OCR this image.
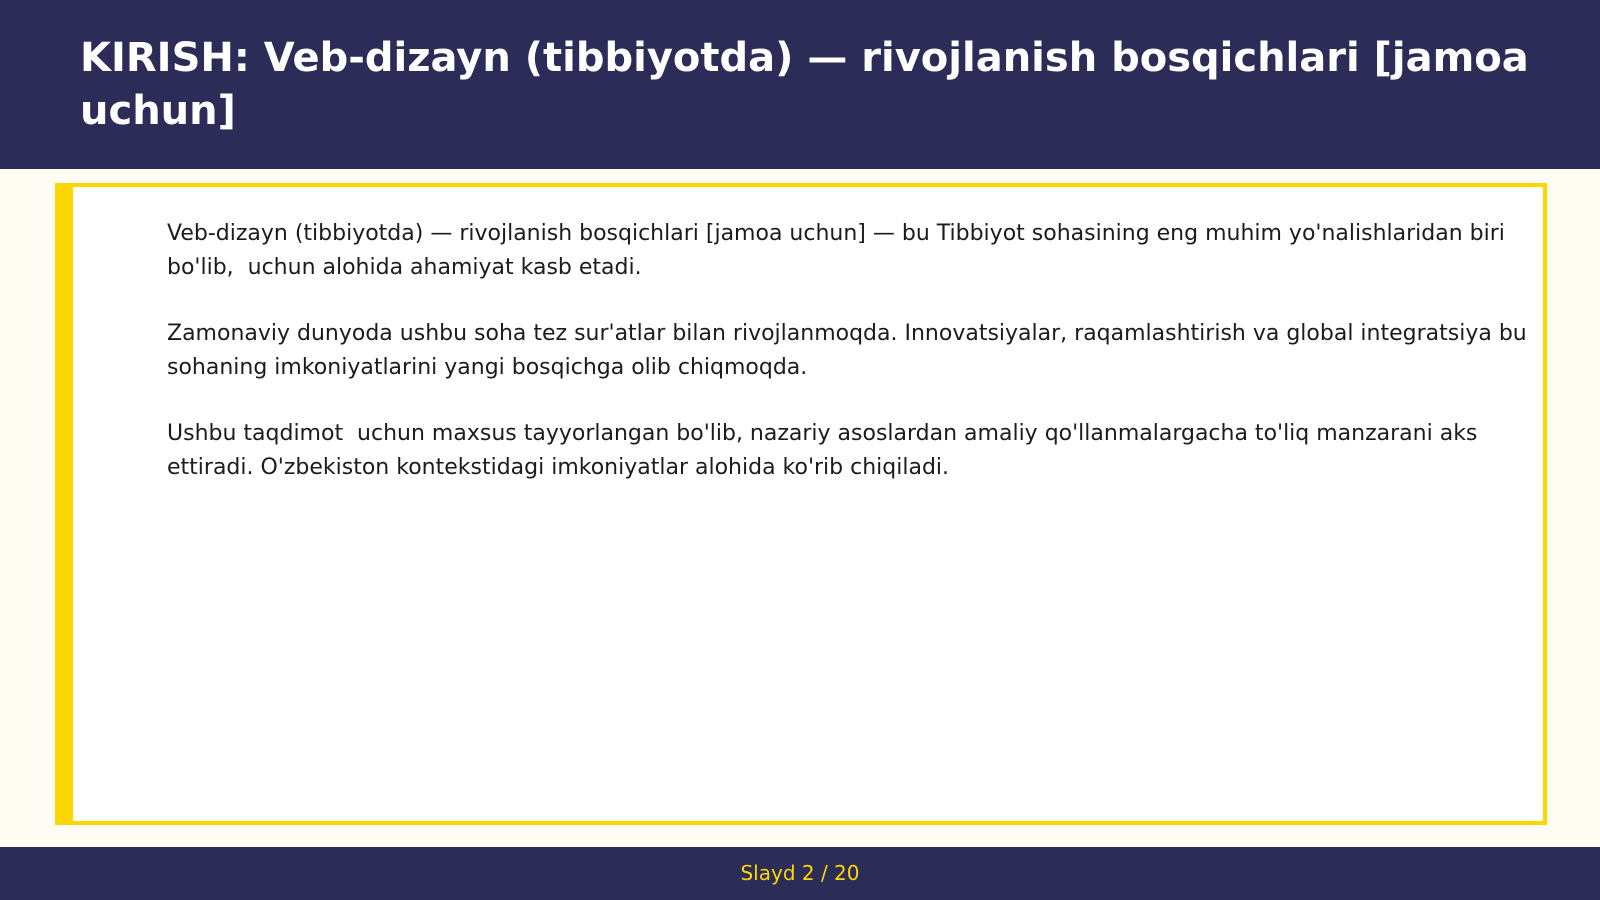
KIRISH: Veb-dizayn (tibbiyotda) — rivojlanish bosqichlari [jamoa uchun]

Veb-dizayn (tibbiyotda) — rivojlanish bosqichlari [jamoa uchun] — bu Tibbiyot sohasining eng muhim yo'nalishlaridan biri bo'lib,  uchun alohida ahamiyat kasb etadi.

Zamonaviy dunyoda ushbu soha tez sur'atlar bilan rivojlanmoqda. Innovatsiyalar, raqamlashtirish va global integratsiya bu sohaning imkoniyatlarini yangi bosqichga olib chiqmoqda.

Ushbu taqdimot  uchun maxsus tayyorlangan bo'lib, nazariy asoslardan amaliy qo'llanmalargacha to'liq manzarani aks ettiradi. O'zbekiston kontekstidagi imkoniyatlar alohida ko'rib chiqiladi.

Slayd 2 / 20
